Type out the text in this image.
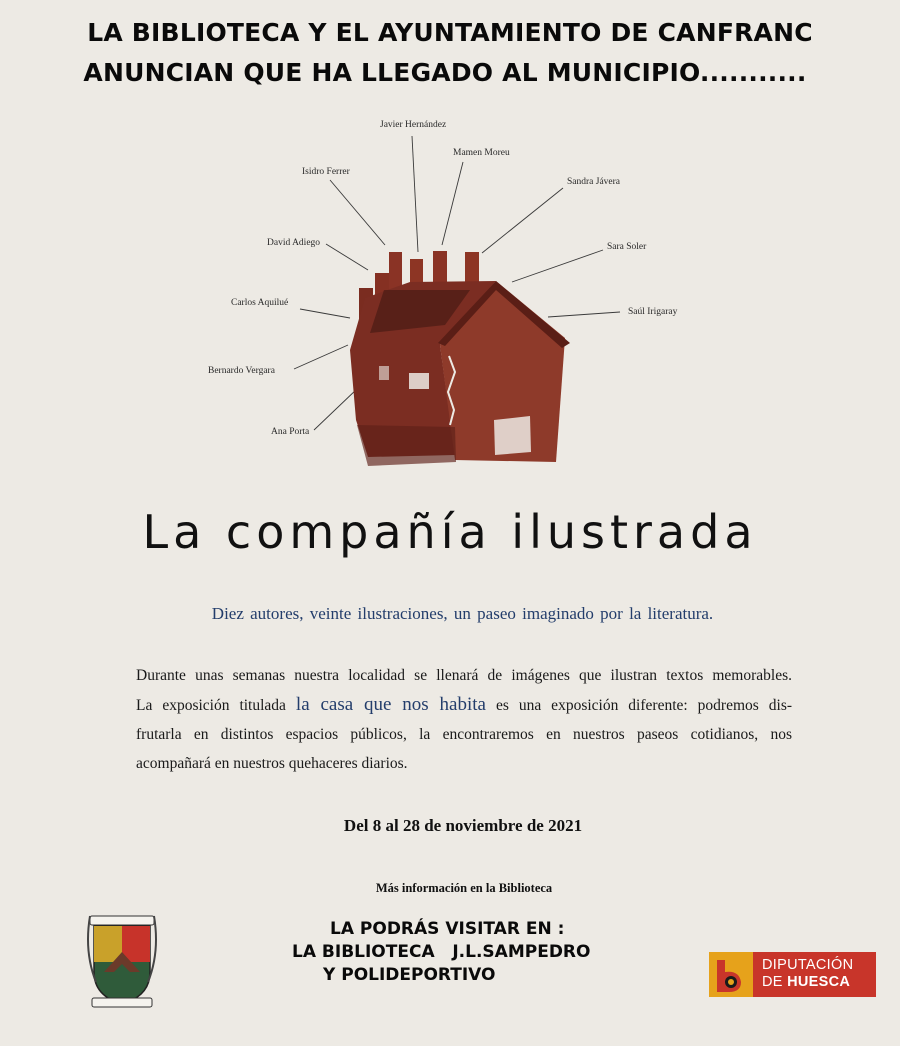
LA BIBLIOTECA Y EL AYUNTAMIENTO DE CANFRANC
ANUNCIAN QUE HA LLEGADO AL MUNICIPIO...........
Javier Hernández
Mamen Moreu
Isidro Ferrer
Sandra Jávera
David Adiego	Sara Soler
Carlos Aquilué
Saúl Irigaray
Bernardo Vergara
Ana Porta
La compañía ilustrada
Diez autores, veinte ilustraciones, un paseo imaginado por la literatura.
Durante unas semanas nuestra localidad se llenará de imágenes que ilustran textos memorables.
La exposición titulada la casa que nos habita es una exposición diferente: podremos dis-
frutarla en distintos espacios públicos, la encontraremos en nuestros paseos cotidianos, nos
acompañará en nuestros quehaceres diarios.
Del 8 al 28 de noviembre de 2021
Más información en la Biblioteca
LA PODRÁS VISITAR EN :
LA BIBLIOTECA   J.L.SAMPEDRO
Y POLIDEPORTIVO	DIPUTACIÓN
DE HUESCA
